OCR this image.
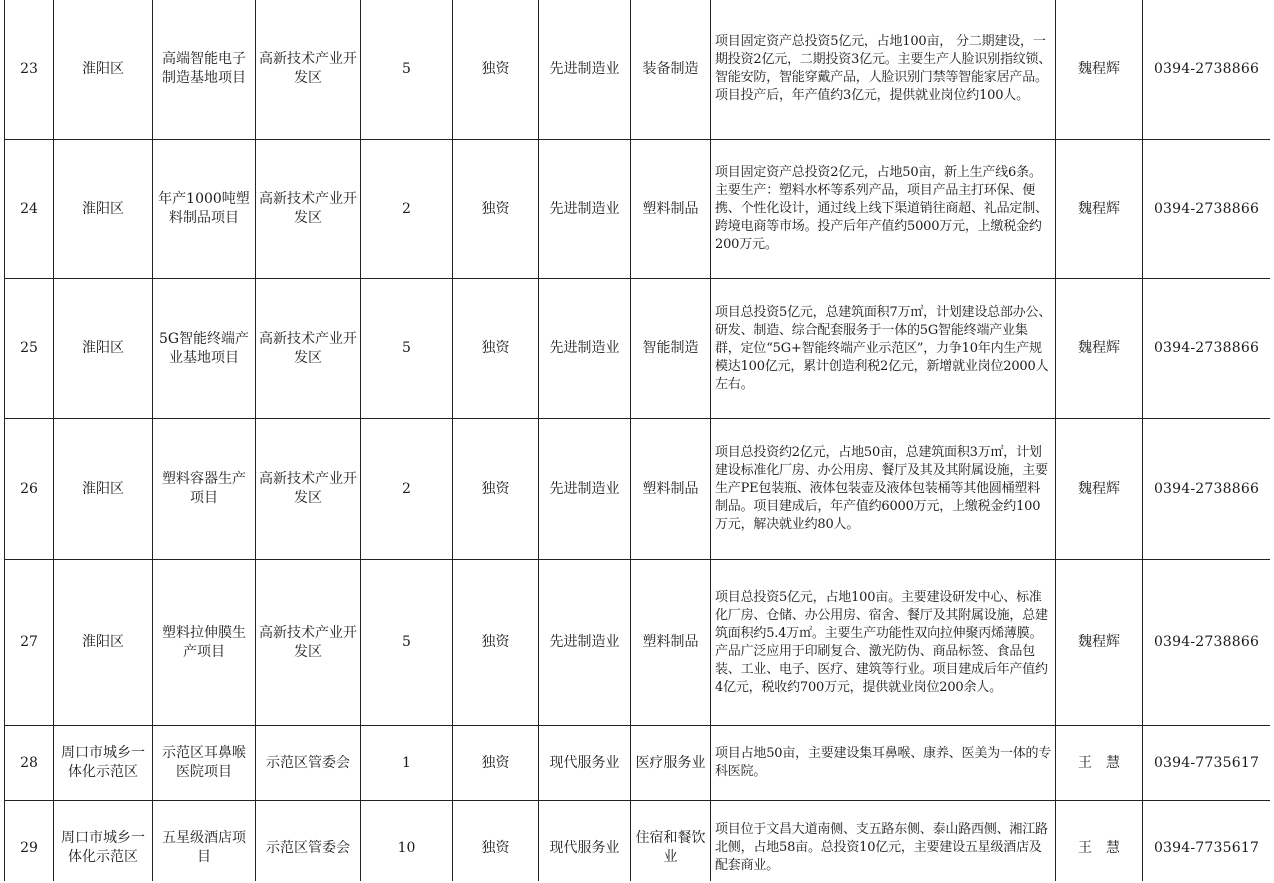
23	淮阳区	高端智能电子制造基地项目	高新技术产业开发区	5	独资	先进制造业	装备制造	项目固定资产总投资5亿元，占地100亩， 分二期建设，一期投资2亿元，二期投资3亿元。主要生产人脸识别指纹锁、智能安防，智能穿戴产品，人脸识别门禁等智能家居产品。项目投产后，年产值约3亿元，提供就业岗位约100人。	魏程辉	0394-2738866
24	淮阳区	年产1000吨塑料制品项目	高新技术产业开发区	2	独资	先进制造业	塑料制品	项目固定资产总投资2亿元，占地50亩，新上生产线6条。主要生产：塑料水杯等系列产品，项目产品主打环保、便携、个性化设计，通过线上线下渠道销往商超、礼品定制、跨境电商等市场。投产后年产值约5000万元，上缴税金约200万元。	魏程辉	0394-2738866
25	淮阳区	5G智能终端产业基地项目	高新技术产业开发区	5	独资	先进制造业	智能制造	项目总投资5亿元，总建筑面积7万㎡，计划建设总部办公、研发、制造、综合配套服务于一体的5G智能终端产业集群，定位“5G+智能终端产业示范区”，力争10年内生产规模达100亿元，累计创造利税2亿元，新增就业岗位2000人左右。	魏程辉	0394-2738866
26	淮阳区	塑料容器生产项目	高新技术产业开发区	2	独资	先进制造业	塑料制品	项目总投资约2亿元，占地50亩，总建筑面积3万㎡，计划建设标准化厂房、办公用房、餐厅及其及其附属设施，主要生产PE包装瓶、液体包装壶及液体包装桶等其他圆桶塑料制品。项目建成后，年产值约6000万元，上缴税金约100万元，解决就业约80人。	魏程辉	0394-2738866
27	淮阳区	塑料拉伸膜生产项目	高新技术产业开发区	5	独资	先进制造业	塑料制品	项目总投资5亿元，占地100亩。主要建设研发中心、标准化厂房、仓储、办公用房、宿舍、餐厅及其附属设施，总建筑面积约5.4万㎡。主要生产功能性双向拉伸聚丙烯薄膜。产品广泛应用于印刷复合、激光防伪、商品标签、食品包装、工业、电子、医疗、建筑等行业。项目建成后年产值约4亿元，税收约700万元，提供就业岗位200余人。	魏程辉	0394-2738866
28	周口市城乡一体化示范区	示范区耳鼻喉医院项目	示范区管委会	1	独资	现代服务业	医疗服务业	项目占地50亩，主要建设集耳鼻喉、康养、医美为一体的专科医院。	王　慧	0394-7735617
29	周口市城乡一体化示范区	五星级酒店项目	示范区管委会	10	独资	现代服务业	住宿和餐饮业	项目位于文昌大道南侧、支五路东侧、泰山路西侧、湘江路北侧，占地58亩。总投资10亿元，主要建设五星级酒店及配套商业。	王　慧	0394-7735617
